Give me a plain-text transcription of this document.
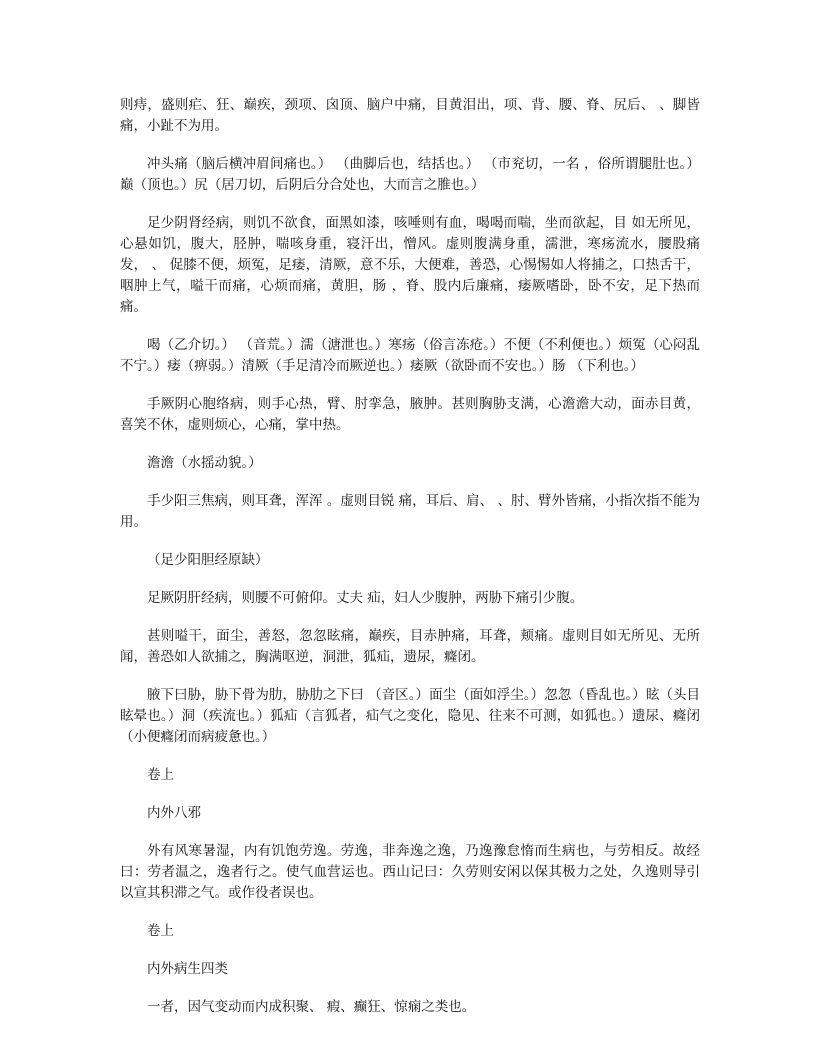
则痔，盛则疟、狂、巅疾，颈项、囟顶、脑户中痛，目黄泪出，项、背、腰、脊、尻后、 、脚皆痛，小趾不为用。

冲头痛（脑后横冲眉间痛也。） （曲脚后也，结括也。） （市兖切，一名 ，俗所谓腿肚也。）巅（顶也。）尻（居刀切，后阴后分合处也，大而言之脽也。）

足少阴肾经病，则饥不欲食，面黑如漆，咳唾则有血，喝喝而喘，坐而欲起，目 如无所见，心悬如饥，腹大，胫肿，喘咳身重，寝汗出，憎风。虚则腹满身重，濡泄，寒疡流水，腰股痛发， 、 促膝不便，烦冤，足痿，清厥，意不乐，大便难，善恐，心惕惕如人将捕之，口热舌干，咽肿上气，嗌干而痛，心烦而痛，黄胆，肠 ，脊、股内后廉痛，痿厥嗜卧，卧不安，足下热而痛。

喝（乙介切。） （音荒。）濡（溏泄也。）寒疡（俗言冻疮。）不便（不利便也。）烦冤（心闷乱不宁。）痿（痹弱。）清厥（手足清冷而厥逆也。）痿厥（欲卧而不安也。）肠 （下利也。）

手厥阴心胞络病，则手心热，臂、肘挛急，腋肿。甚则胸胁支满，心澹澹大动，面赤目黄，喜笑不休，虚则烦心，心痛，掌中热。

澹澹（水摇动貌。）

手少阳三焦病，则耳聋，浑浑 。虚则目锐 痛，耳后、肩、 、肘、臂外皆痛，小指次指不能为用。

（足少阳胆经原缺）

足厥阴肝经病，则腰不可俯仰。丈夫 疝，妇人少腹肿，两胁下痛引少腹。

甚则嗌干，面尘，善怒，忽忽眩痛，巅疾，目赤肿痛，耳聋，颊痛。虚则目如无所见、无所闻，善恐如人欲捕之，胸满呕逆，洞泄，狐疝，遗尿，癃闭。

腋下曰胁，胁下骨为肋，胁肋之下曰 （音区。）面尘（面如浮尘。）忽忽（昏乱也。）眩（头目眩晕也。）洞（疾流也。）狐疝（言狐者，疝气之变化，隐见、往来不可测，如狐也。）遗尿、癃闭（小便癃闭而病疲惫也。）

卷上

内外八邪

外有风寒暑湿，内有饥饱劳逸。劳逸，非奔逸之逸，乃逸豫怠惰而生病也，与劳相反。故经曰：劳者温之，逸者行之。使气血营运也。西山记曰：久劳则安闲以保其极力之处，久逸则导引以宣其积滞之气。或作役者误也。

卷上

内外病生四类

一者，因气变动而内成积聚、 瘕、癫狂、惊痫之类也。
